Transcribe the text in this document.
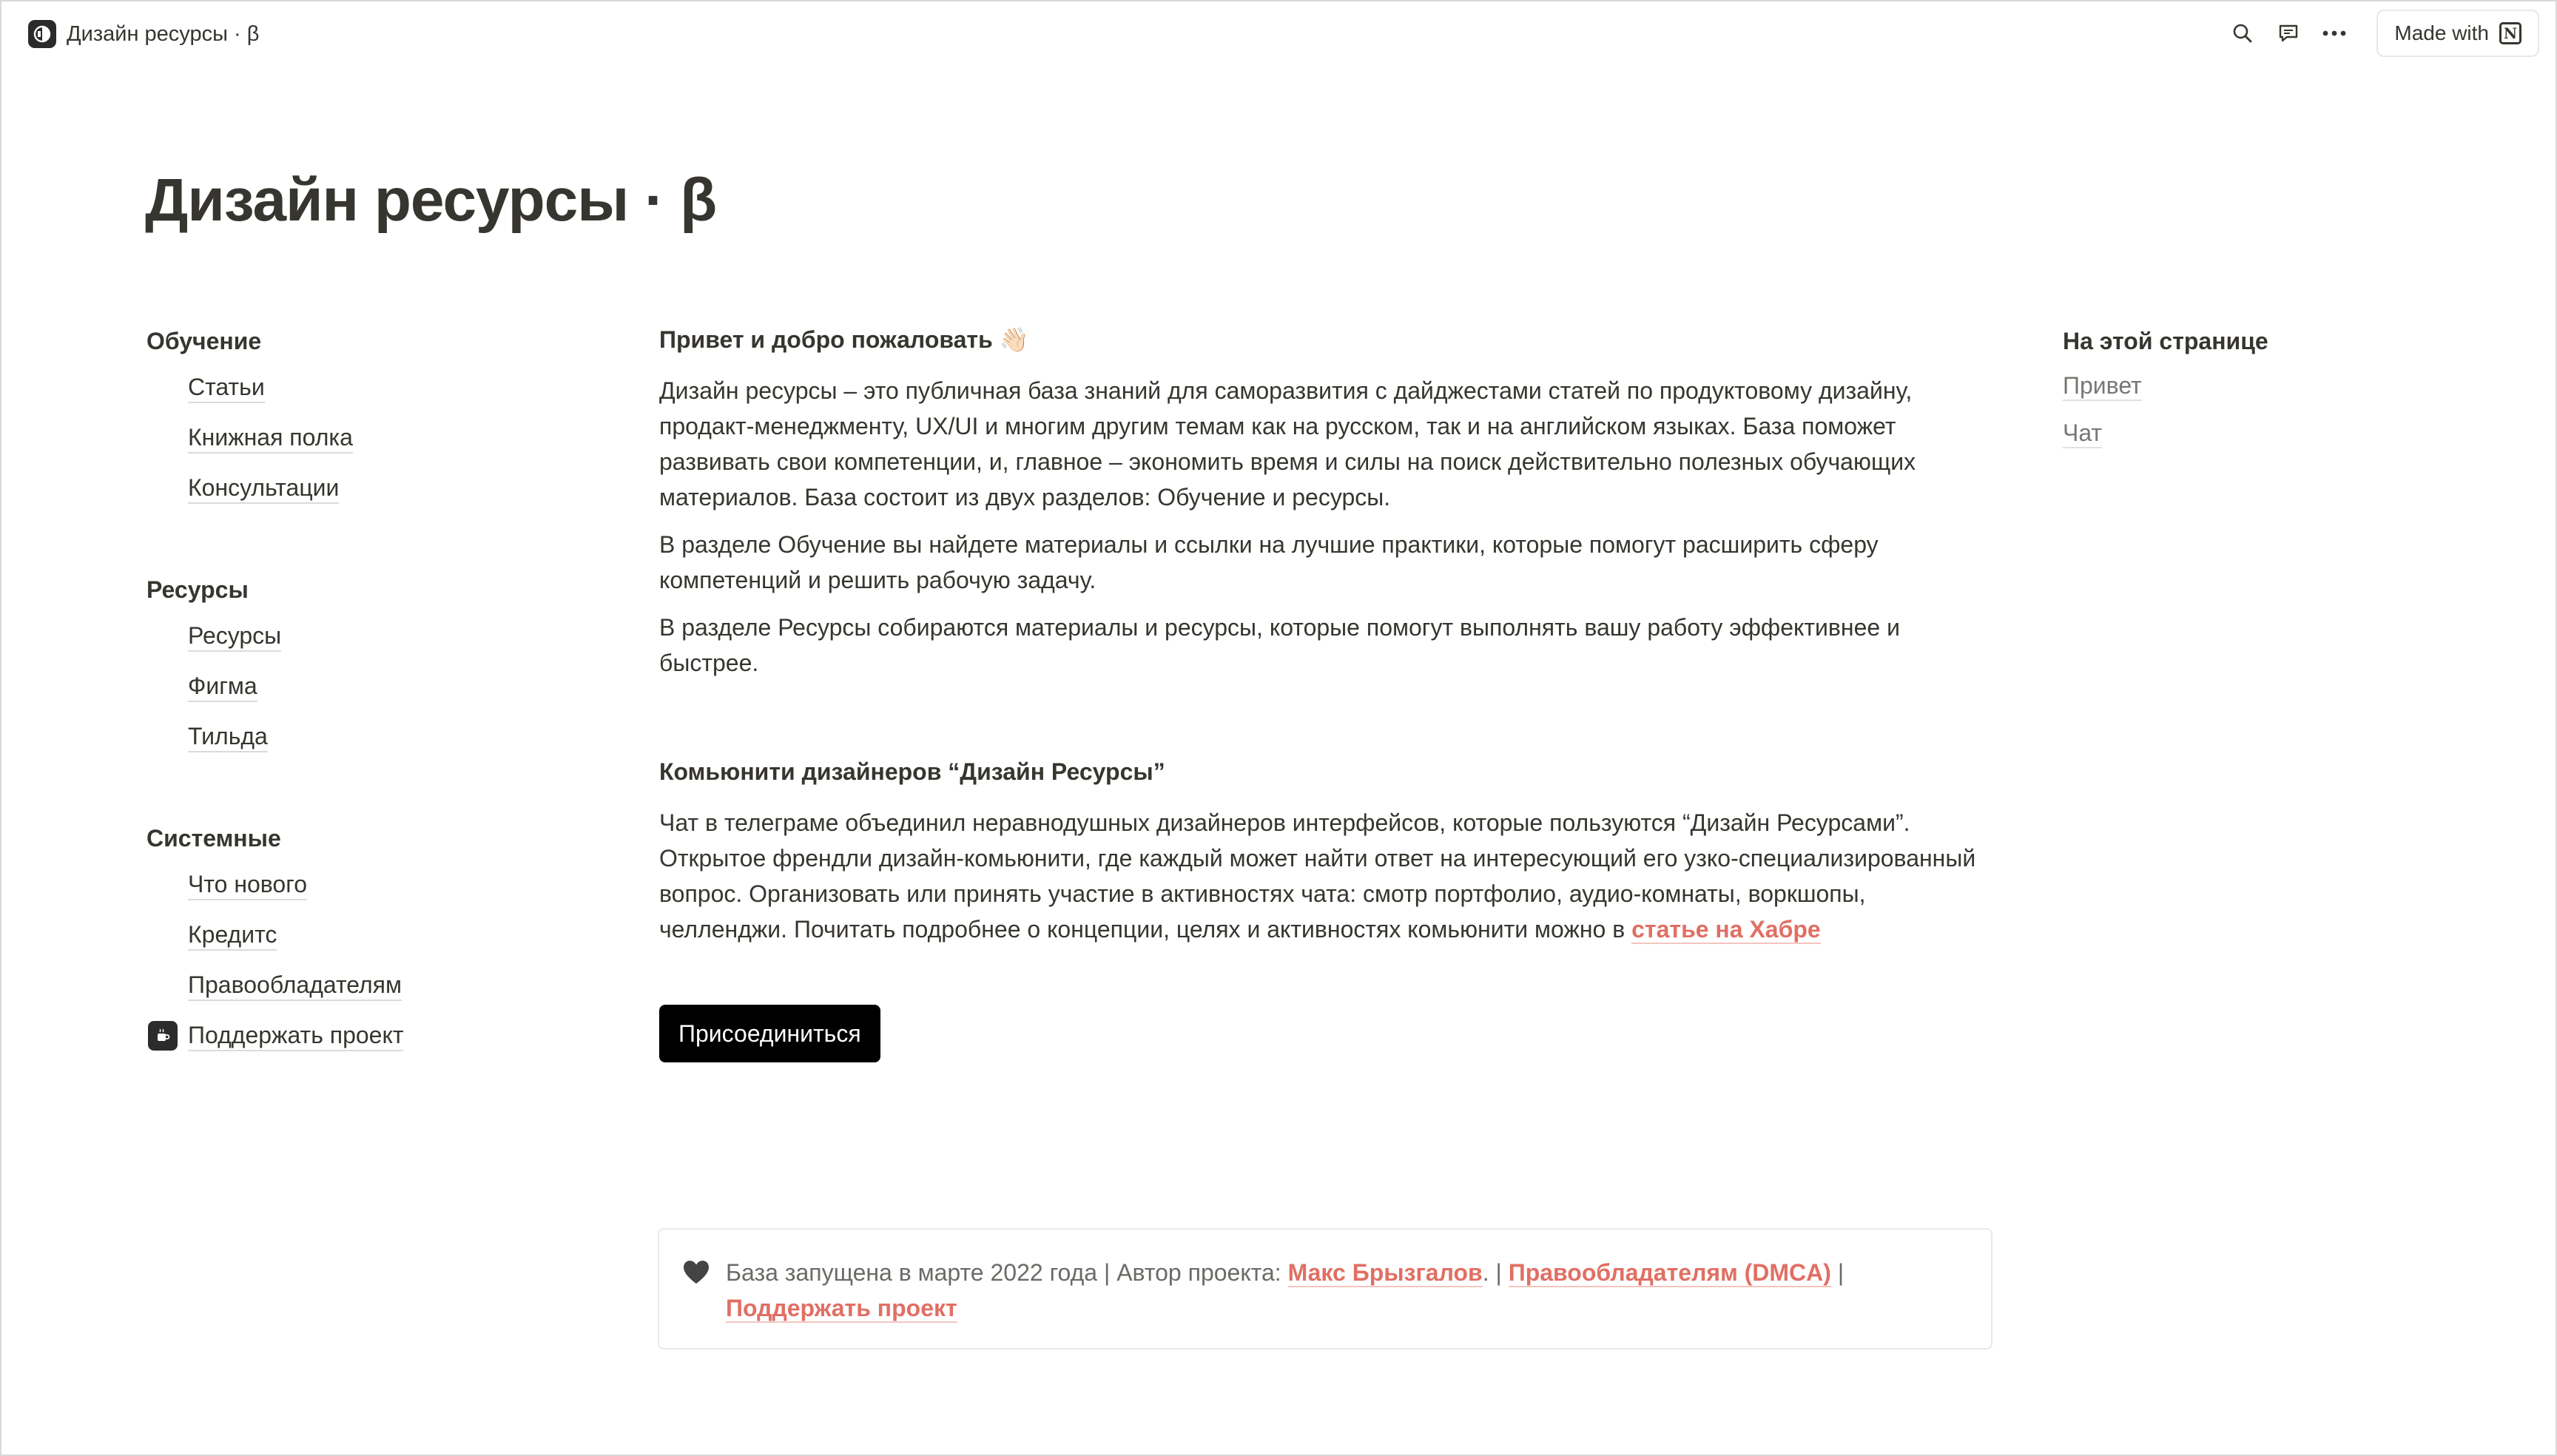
Дизайн ресурсы · β	Made with N
Дизайн ресурсы · β
Обучение
Статьи
Книжная полка
Консультации
Ресурсы
Ресурсы
Фигма
Тильда
Системные
Что нового
Кредитс
Правообладателям
Поддержать проект
Привет и добро пожаловать 👋🏻

Дизайн ресурсы – это публичная база знаний для саморазвития с дайджестами статей по продуктовому дизайну, продакт-менеджменту, UX/UI и многим другим темам как на русском, так и на английском языках. База поможет развивать свои компетенции, и, главное – экономить время и силы на поиск действительно полезных обучающих материалов. База состоит из двух разделов: Обучение и ресурсы.

В разделе Обучение вы найдете материалы и ссылки на лучшие практики, которые помогут расширить сферу компетенций и решить рабочую задачу.

В разделе Ресурсы собираются материалы и ресурсы, которые помогут выполнять вашу работу эффективнее и быстрее.

Комьюнити дизайнеров “Дизайн Ресурсы”

Чат в телеграме объединил неравнодушных дизайнеров интерфейсов, которые пользуются “Дизайн Ресурсами”. Открытое френдли дизайн-комьюнити, где каждый может найти ответ на интересующий его узко-специализированный вопрос. Организовать или принять участие в активностях чата: смотр портфолио, аудио-комнаты, воркшопы, челленджи. Почитать подробнее о концепции, целях и активностях комьюнити можно в статье на Хабре

Присоединиться
База запущена в марте 2022 года | Автор проекта: Макс Брызгалов. | Правообладателям (DMCA) |
Поддержать проект
На этой странице
Привет
Чат
